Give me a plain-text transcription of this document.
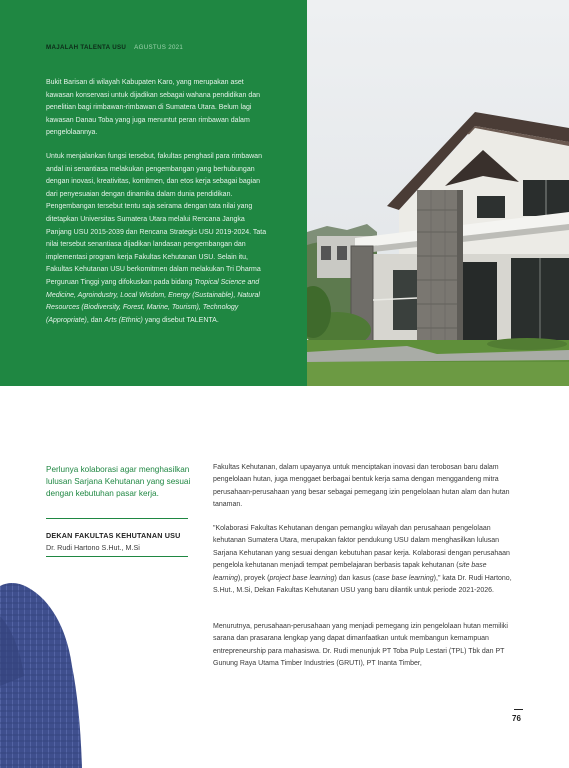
MAJALAH TALENTA USU AGUSTUS 2021

Bukit Barisan di wilayah Kabupaten Karo, yang merupakan aset kawasan konservasi untuk dijadikan sebagai wahana pendidikan dan penelitian bagi rimbawan-rimbawan di Sumatera Utara. Belum lagi kawasan Danau Toba yang juga menuntut peran rimbawan dalam pengelolaannya.

Untuk menjalankan fungsi tersebut, fakultas penghasil para rimbawan andal ini senantiasa melakukan pengembangan yang berhubungan dengan inovasi, kreativitas, komitmen, dan etos kerja sebagai bagian dari penyesuaian dengan dinamika dalam dunia pendidikan. Pengembangan tersebut tentu saja seirama dengan tata nilai yang ditetapkan Universitas Sumatera Utara melalui Rencana Jangka Panjang USU 2015-2039 dan Rencana Strategis USU 2019-2024. Tata nilai tersebut senantiasa dijadikan landasan pengembangan dan implementasi program kerja Fakultas Kehutanan USU. Selain itu, Fakultas Kehutanan USU berkomitmen dalam melakukan Tri Dharma Perguruan Tinggi yang difokuskan pada bidang Tropical Science and Medicine, Agroindustry, Local Wisdom, Energy (Sustainable), Natural Resources (Biodiversity, Forest, Marine, Tourism), Technology (Appropriate), dan Arts (Ethnic) yang disebut TALENTA.

Perlunya kolaborasi agar menghasilkan lulusan Sarjana Kehutanan yang sesuai dengan kebutuhan pasar kerja.

DEKAN FAKULTAS KEHUTANAN USU
Dr. Rudi Hartono S.Hut., M.Si

Fakultas Kehutanan, dalam upayanya untuk menciptakan inovasi dan terobosan baru dalam pengelolaan hutan, juga menggaet berbagai bentuk kerja sama dengan menggandeng mitra perusahaan-perusahaan yang besar sebagai pemegang izin pengelolaan hutan alam dan hutan tanaman.

"Kolaborasi Fakultas Kehutanan dengan pemangku wilayah dan perusahaan pengelolaan kehutanan Sumatera Utara, merupakan faktor pendukung USU dalam menghasilkan lulusan Sarjana Kehutanan yang sesuai dengan kebutuhan pasar kerja. Kolaborasi dengan perusahaan pengelola kehutanan menjadi tempat pembelajaran berbasis tapak kehutanan (site base learning), proyek (project base learning) dan kasus (case base learning)," kata Dr. Rudi Hartono, S.Hut., M.Si, Dekan Fakultas Kehutanan USU yang baru dilantik untuk periode 2021-2026.

Menurutnya, perusahaan-perusahaan yang menjadi pemegang izin pengelolaan hutan memiliki sarana dan prasarana lengkap yang dapat dimanfaatkan untuk membangun kemampuan entrepreneurship para mahasiswa. Dr. Rudi menunjuk PT Toba Pulp Lestari (TPL) Tbk dan PT Gunung Raya Utama Timber Industries (GRUTI), PT Inanta Timber,

76
